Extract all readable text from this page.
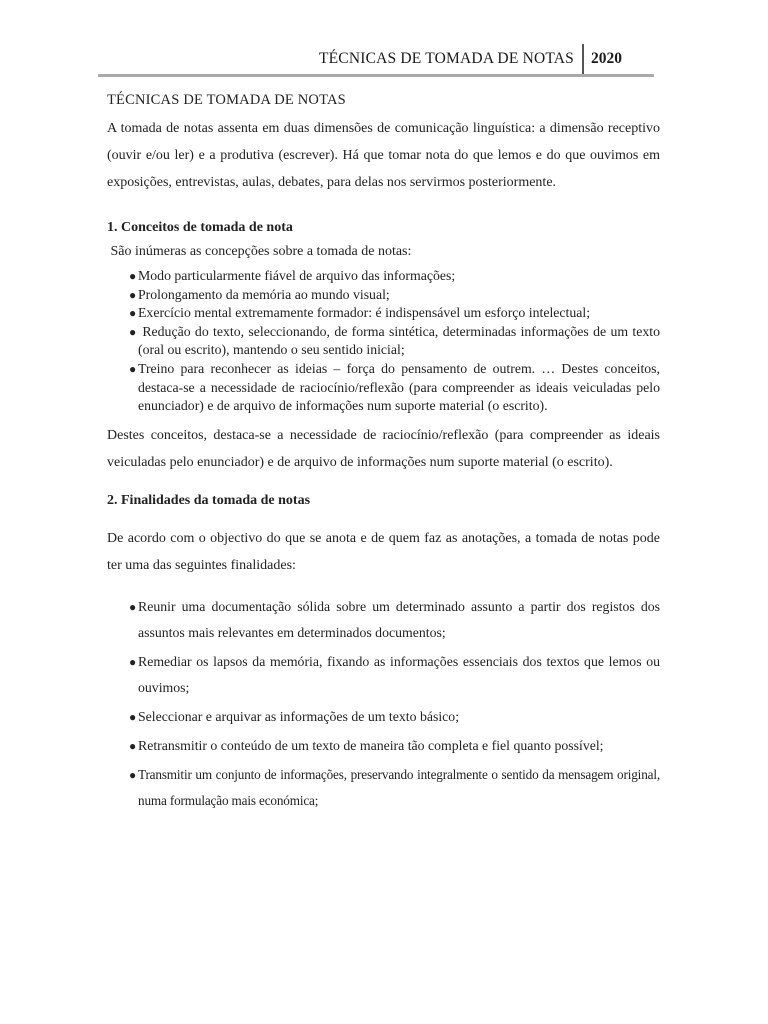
TÉCNICAS DE TOMADA DE NOTAS 2020
TÉCNICAS DE TOMADA DE NOTAS

A tomada de notas assenta em duas dimensões de comunicação linguística: a dimensão receptivo (ouvir e/ou ler) e a produtiva (escrever). Há que tomar nota do que lemos e do que ouvimos em exposições, entrevistas, aulas, debates, para delas nos servirmos posteriormente.

1. Conceitos de tomada de nota

São inúmeras as concepções sobre a tomada de notas:

● Modo particularmente fiável de arquivo das informações;
● Prolongamento da memória ao mundo visual;
● Exercício mental extremamente formador: é indispensável um esforço intelectual;
● Redução do texto, seleccionando, de forma sintética, determinadas informações de um texto (oral ou escrito), mantendo o seu sentido inicial;
● Treino para reconhecer as ideias – força do pensamento de outrem. … Destes conceitos, destaca-se a necessidade de raciocínio/reflexão (para compreender as ideais veiculadas pelo enunciador) e de arquivo de informações num suporte material (o escrito).

Destes conceitos, destaca-se a necessidade de raciocínio/reflexão (para compreender as ideais veiculadas pelo enunciador) e de arquivo de informações num suporte material (o escrito).

2. Finalidades da tomada de notas

De acordo com o objectivo do que se anota e de quem faz as anotações, a tomada de notas pode ter uma das seguintes finalidades:

● Reunir uma documentação sólida sobre um determinado assunto a partir dos registos dos assuntos mais relevantes em determinados documentos;
● Remediar os lapsos da memória, fixando as informações essenciais dos textos que lemos ou ouvimos;
● Seleccionar e arquivar as informações de um texto básico;
● Retransmitir o conteúdo de um texto de maneira tão completa e fiel quanto possível;
● Transmitir um conjunto de informações, preservando integralmente o sentido da mensagem original, numa formulação mais económica;
